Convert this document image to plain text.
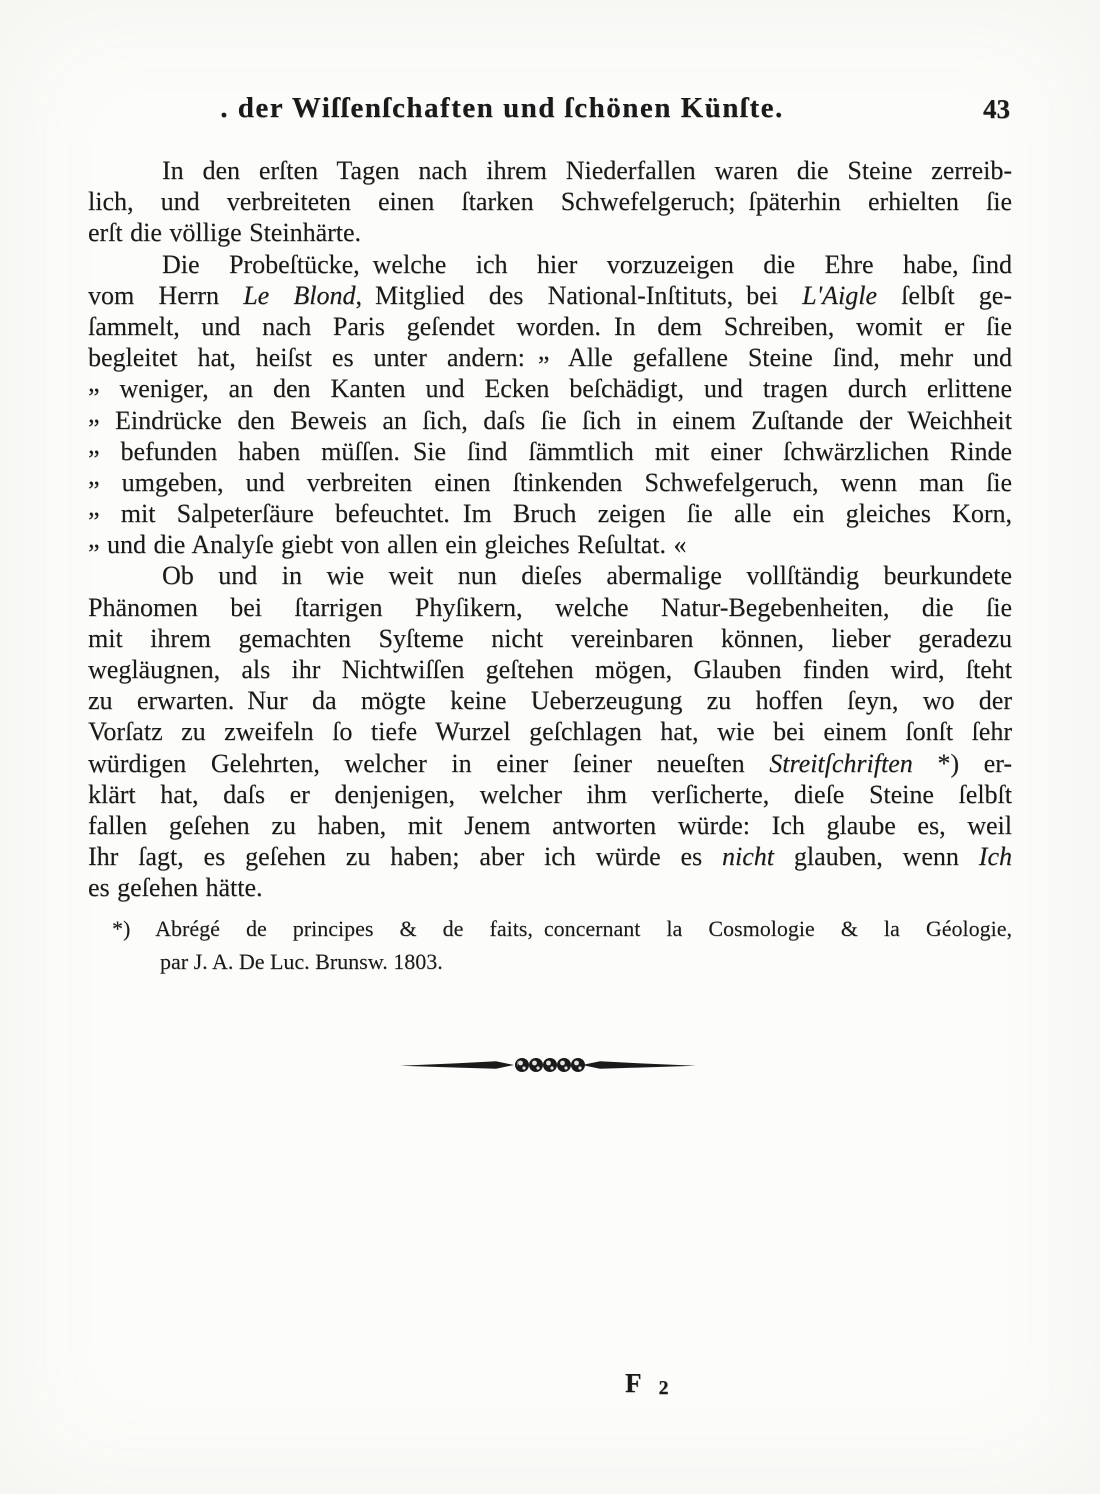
. der Wiſſenſchaften und ſchönen Künſte.	43
In den erſten Tagen nach ihrem Niederfallen waren die Steine zerreib-
lich, und verbreiteten einen ſtarken Schwefelgeruch; ſpäterhin erhielten ſie
erſt die völlige Steinhärte.
Die Probeſtücke, welche ich hier vorzuzeigen die Ehre habe, ſind
vom Herrn Le Blond, Mitglied des National-Inſtituts, bei L'Aigle ſelbſt ge-
ſammelt, und nach Paris geſendet worden. In dem Schreiben, womit er ſie
begleitet hat, heiſst es unter andern: „ Alle gefallene Steine ſind, mehr und
„ weniger, an den Kanten und Ecken beſchädigt, und tragen durch erlittene
„ Eindrücke den Beweis an ſich, daſs ſie ſich in einem Zuſtande der Weichheit
„ befunden haben müſſen. Sie ſind ſämmtlich mit einer ſchwärzlichen Rinde
„ umgeben, und verbreiten einen ſtinkenden Schwefelgeruch, wenn man ſie
„ mit Salpeterſäure befeuchtet. Im Bruch zeigen ſie alle ein gleiches Korn,
„ und die Analyſe giebt von allen ein gleiches Reſultat. «
Ob und in wie weit nun dieſes abermalige vollſtändig beurkundete
Phänomen bei ſtarrigen Phyſikern, welche Natur-Begebenheiten, die ſie
mit ihrem gemachten Syſteme nicht vereinbaren können, lieber geradezu
wegläugnen, als ihr Nichtwiſſen geſtehen mögen, Glauben finden wird, ſteht
zu erwarten. Nur da mögte keine Ueberzeugung zu hoffen ſeyn, wo der
Vorſatz zu zweifeln ſo tiefe Wurzel geſchlagen hat, wie bei einem ſonſt ſehr
würdigen Gelehrten, welcher in einer ſeiner neueſten Streitſchriften *) er-
klärt hat, daſs er denjenigen, welcher ihm verſicherte, dieſe Steine ſelbſt
fallen geſehen zu haben, mit Jenem antworten würde: Ich glaube es, weil
Ihr ſagt, es geſehen zu haben; aber ich würde es nicht glauben, wenn Ich
es geſehen hätte.
*) Abrégé de principes & de faits, concernant la Cosmologie & la Géologie,
par J. A. De Luc. Brunsw. 1803.
F 2
